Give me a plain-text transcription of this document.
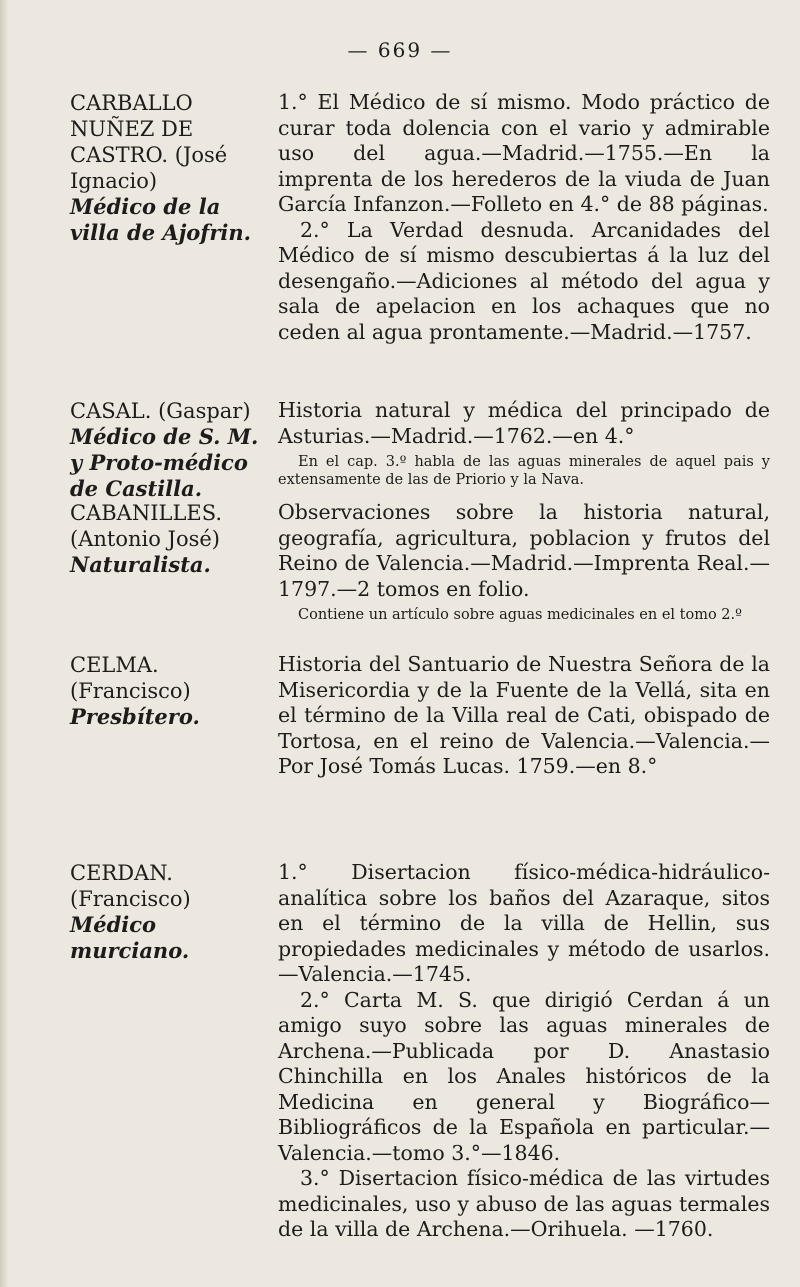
— 669 —
CARBALLO NUÑEZ DE CASTRO. (José Ignacio)
Médico de la villa de Ajofrin.

1.° El Médico de sí mismo. Modo práctico de curar toda dolencia con el vario y admirable uso del agua.—Madrid.—1755.—En la imprenta de los herederos de la viuda de Juan García Infanzon.—Folleto en 4.° de 88 páginas.

2.° La Verdad desnuda. Arcanidades del Médico de sí mismo descubiertas á la luz del desengaño.—Adiciones al método del agua y sala de apelacion en los achaques que no ceden al agua prontamente.—Madrid.—1757.

CASAL. (Gaspar)
Médico de S. M. y Proto-médico de Castilla.

Historia natural y médica del principado de Asturias.—Madrid.—1762.—en 4.°

En el cap. 3.º habla de las aguas minerales de aquel pais y extensamente de las de Priorio y la Nava.

CABANILLES. (Antonio José)
Naturalista.

Observaciones sobre la historia natural, geografía, agricultura, poblacion y frutos del Reino de Valencia.—Madrid.—Imprenta Real.—1797.—2 tomos en folio.

Contiene un artículo sobre aguas medicinales en el tomo 2.º

CELMA. (Francisco)
Presbítero.

Historia del Santuario de Nuestra Señora de la Misericordia y de la Fuente de la Vellá, sita en el término de la Villa real de Cati, obispado de Tortosa, en el reino de Valencia.—Valencia.—Por José Tomás Lucas. 1759.—en 8.°

CERDAN. (Francisco)
Médico murciano.

1.° Disertacion físico-médica-hidráulico-analítica sobre los baños del Azaraque, sitos en el término de la villa de Hellin, sus propiedades medicinales y método de usarlos.—Valencia.—1745.

2.° Carta M. S. que dirigió Cerdan á un amigo suyo sobre las aguas minerales de Archena.—Publicada por D. Anastasio Chinchilla en los Anales históricos de la Medicina en general y Biográfico—Bibliográficos de la Española en particular.—Valencia.—tomo 3.°—1846.

3.° Disertacion físico-médica de las virtudes medicinales, uso y abuso de las aguas termales de la villa de Archena.—Orihuela. —1760.
